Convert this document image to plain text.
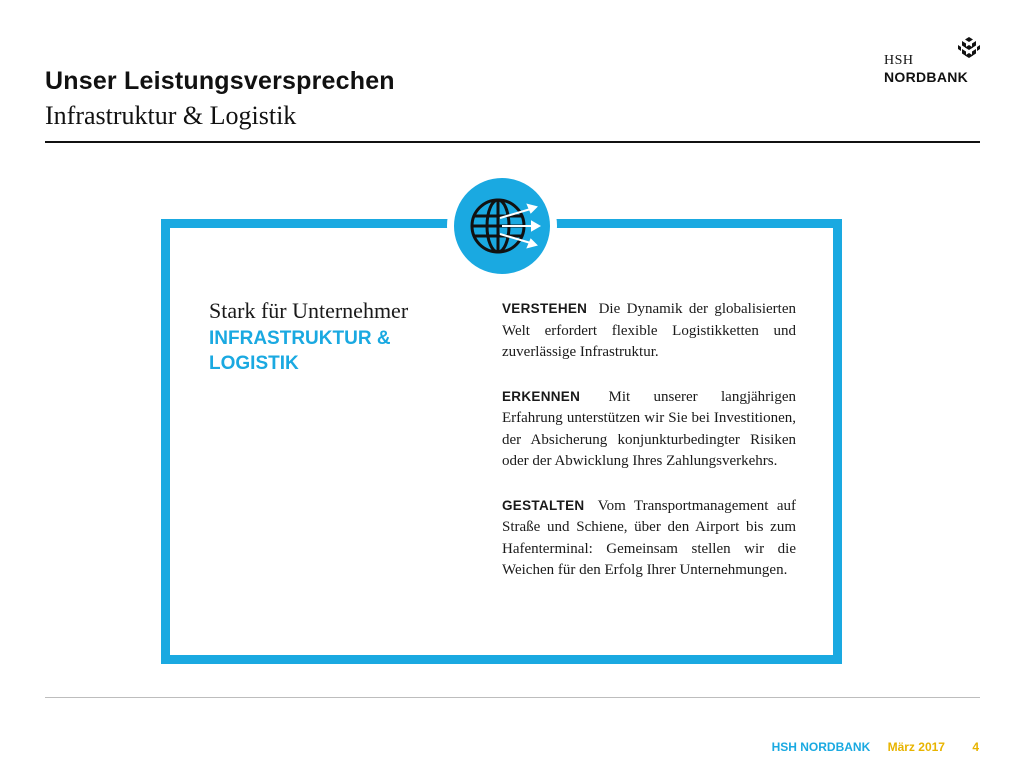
Unser Leistungsversprechen
Infrastruktur & Logistik
HSH
NORDBANK
Stark für Unternehmer
INFRASTRUKTUR &
LOGISTIK

VERSTEHEN Die Dynamik der globalisierten Welt erfordert flexible Logistikketten und zuverlässige Infrastruktur.

ERKENNEN Mit unserer langjährigen Erfahrung unterstützen wir Sie bei Investitionen, der Absicherung konjunkturbedingter Risiken oder der Abwicklung Ihres Zahlungsverkehrs.

GESTALTEN Vom Transportmanagement auf Straße und Schiene, über den Airport bis zum Hafenterminal: Gemeinsam stellen wir die Weichen für den Erfolg Ihrer Unternehmungen.

HSH NORDBANK März 2017 4
